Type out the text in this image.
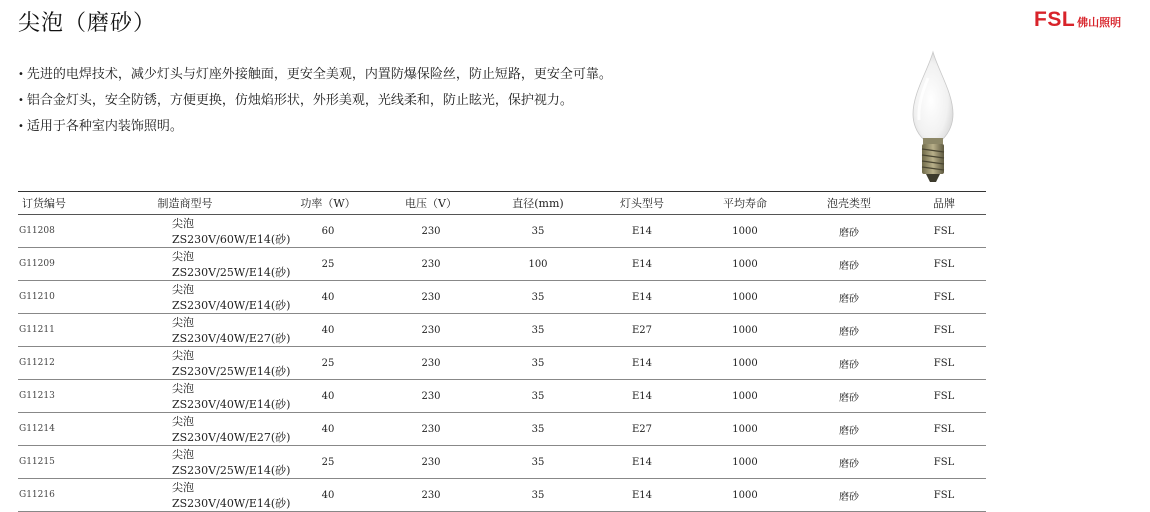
尖泡（磨砂）	FSL 佛山照明
• 先进的电焊技术，减少灯头与灯座外接触面，更安全美观，内置防爆保险丝，防止短路，更安全可靠。
• 铝合金灯头，安全防锈，方便更换，仿烛焰形状，外形美观，光线柔和，防止眩光，保护视力。
• 适用于各种室内装饰照明。
订货编号	制造商型号	功率（W）	电压（V）	直径(mm)	灯头型号	平均寿命	泡壳类型	品牌
G11208	尖泡ZS230V/60W/E14(砂)	60	230	35	E14	1000	磨砂	FSL
G11209	尖泡ZS230V/25W/E14(砂)	25	230	100	E14	1000	磨砂	FSL
G11210	尖泡ZS230V/40W/E14(砂)	40	230	35	E14	1000	磨砂	FSL
G11211	尖泡ZS230V/40W/E27(砂)	40	230	35	E27	1000	磨砂	FSL
G11212	尖泡ZS230V/25W/E14(砂)	25	230	35	E14	1000	磨砂	FSL
G11213	尖泡ZS230V/40W/E14(砂)	40	230	35	E14	1000	磨砂	FSL
G11214	尖泡ZS230V/40W/E27(砂)	40	230	35	E27	1000	磨砂	FSL
G11215	尖泡ZS230V/25W/E14(砂)	25	230	35	E14	1000	磨砂	FSL
G11216	尖泡ZS230V/40W/E14(砂)	40	230	35	E14	1000	磨砂	FSL
